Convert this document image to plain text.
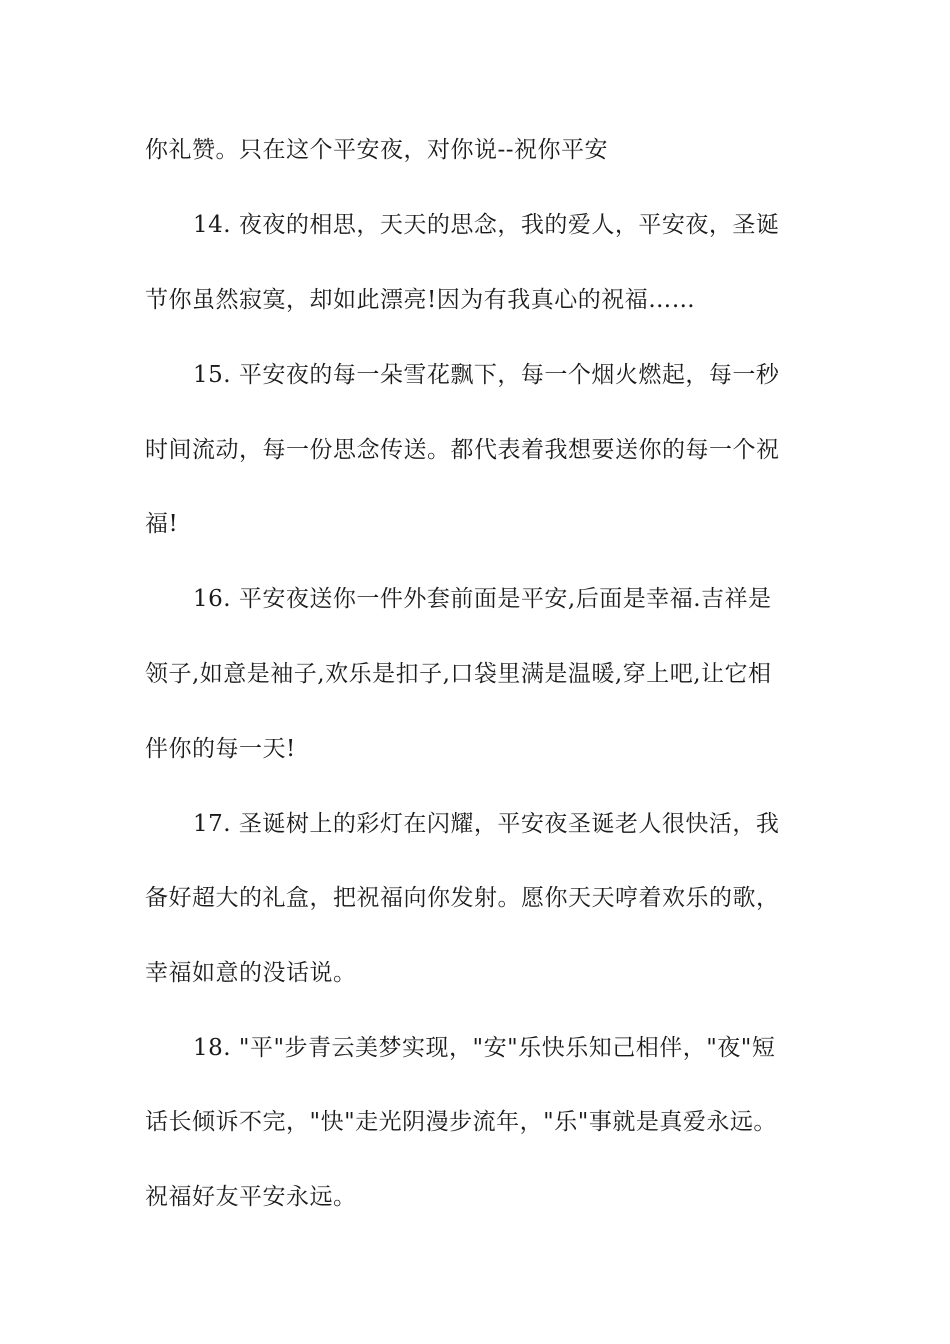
你礼赞。只在这个平安夜，对你说--祝你平安
14. 夜夜的相思，天天的思念，我的爱人，平安夜，圣诞
节你虽然寂寞，却如此漂亮!因为有我真心的祝福……
15. 平安夜的每一朵雪花飘下，每一个烟火燃起，每一秒
时间流动，每一份思念传送。都代表着我想要送你的每一个祝
福!
16. 平安夜送你一件外套前面是平安,后面是幸福.吉祥是
领子,如意是袖子,欢乐是扣子,口袋里满是温暖,穿上吧,让它相
伴你的每一天!
17. 圣诞树上的彩灯在闪耀，平安夜圣诞老人很快活，我
备好超大的礼盒，把祝福向你发射。愿你天天哼着欢乐的歌，
幸福如意的没话说。
18. "平"步青云美梦实现，"安"乐快乐知己相伴，"夜"短
话长倾诉不完，"快"走光阴漫步流年，"乐"事就是真爱永远。
祝福好友平安永远。
